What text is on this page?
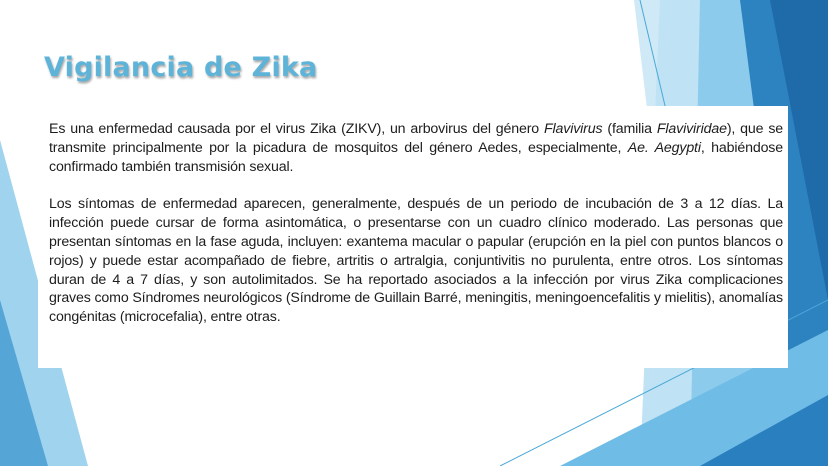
Vigilancia de Zika

Es una enfermedad causada por el virus Zika (ZIKV), un arbovirus del género Flavivirus (familia Flaviviridae), que se transmite principalmente por la picadura de mosquitos del género Aedes, especialmente, Ae. Aegypti, habiéndose confirmado también transmisión sexual.

Los síntomas de enfermedad aparecen, generalmente, después de un periodo de incubación de 3 a 12 días. La infección puede cursar de forma asintomática, o presentarse con un cuadro clínico moderado. Las personas que presentan síntomas en la fase aguda, incluyen: exantema macular o papular (erupción en la piel con puntos blancos o rojos) y puede estar acompañado de fiebre, artritis o artralgia, conjuntivitis no purulenta, entre otros. Los síntomas duran de 4 a 7 días, y son autolimitados. Se ha reportado asociados a la infección por virus Zika complicaciones graves como Síndromes neurológicos (Síndrome de Guillain Barré, meningitis, meningoencefalitis y mielitis), anomalías congénitas (microcefalia), entre otras.
